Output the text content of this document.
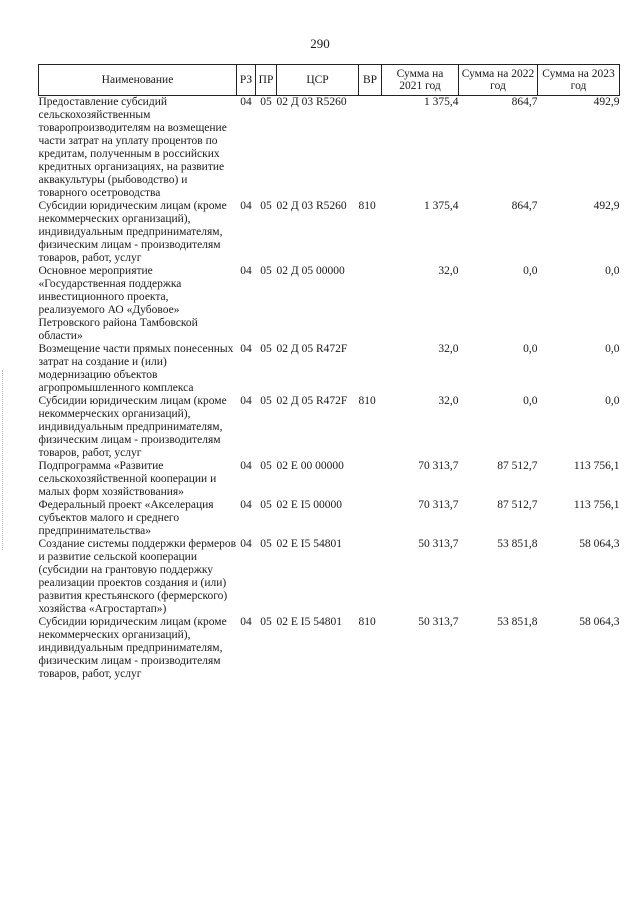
290
Наименование	РЗ	ПР	ЦСР	ВР	Сумма на 2021 год	Сумма на 2022 год	Сумма на 2023 год
Предоставление субсидий сельскохозяйственным товаропроизводителям на возмещение части затрат на уплату процентов по кредитам, полученным в российских кредитных организациях, на развитие аквакультуры (рыбоводство) и товарного осетроводства	04	05	02 Д 03 R5260		1 375,4	864,7	492,9
Субсидии юридическим лицам (кроме некоммерческих организаций), индивидуальным предпринимателям, физическим лицам - производителям товаров, работ, услуг	04	05	02 Д 03 R5260	810	1 375,4	864,7	492,9
Основное мероприятие «Государственная поддержка инвестиционного проекта, реализуемого АО «Дубовое» Петровского района Тамбовской области»	04	05	02 Д 05 00000		32,0	0,0	0,0
Возмещение части прямых понесенных затрат на создание и (или) модернизацию объектов агропромышленного комплекса	04	05	02 Д 05 R472F		32,0	0,0	0,0
Субсидии юридическим лицам (кроме некоммерческих организаций), индивидуальным предпринимателям, физическим лицам - производителям товаров, работ, услуг	04	05	02 Д 05 R472F	810	32,0	0,0	0,0
Подпрограмма «Развитие сельскохозяйственной кооперации и малых форм хозяйствования»	04	05	02 Е 00 00000		70 313,7	87 512,7	113 756,1
Федеральный проект «Акселерация субъектов малого и среднего предпринимательства»	04	05	02 Е I5 00000		70 313,7	87 512,7	113 756,1
Создание системы поддержки фермеров и развитие сельской кооперации (субсидии на грантовую поддержку реализации проектов создания и (или) развития крестьянского (фермерского) хозяйства «Агростартап»)	04	05	02 Е I5 54801		50 313,7	53 851,8	58 064,3
Субсидии юридическим лицам (кроме некоммерческих организаций), индивидуальным предпринимателям, физическим лицам - производителям товаров, работ, услуг	04	05	02 Е I5 54801	810	50 313,7	53 851,8	58 064,3
